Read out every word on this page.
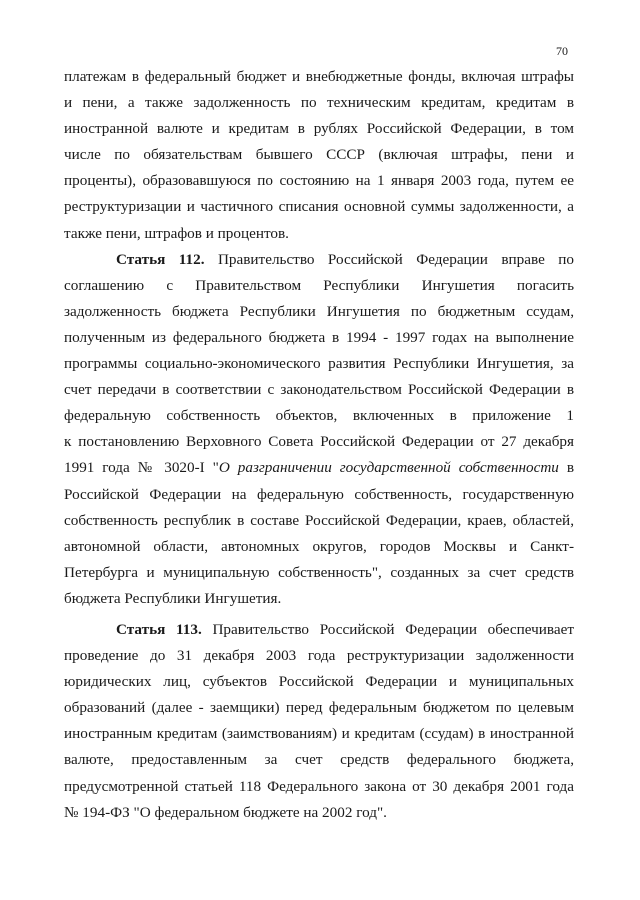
70
платежам в федеральный бюджет и внебюджетные фонды, включая штрафы
и пени, а также задолженность по техническим кредитам, кредитам в
иностранной валюте и кредитам в рублях Российской Федерации, в том
числе по обязательствам бывшего СССР (включая штрафы, пени и
проценты), образовавшуюся по состоянию на 1 января 2003 года, путем ее
реструктуризации и частичного списания основной суммы задолженности, а
также пени, штрафов и процентов.
Статья 112. Правительство Российской Федерации вправе по
соглашению с Правительством Республики Ингушетия погасить
задолженность бюджета Республики Ингушетия по бюджетным ссудам,
полученным из федерального бюджета в 1994 - 1997 годах на выполнение
программы социально-экономического развития Республики Ингушетия, за
счет передачи в соответствии с законодательством Российской Федерации в
федеральную собственность объектов, включенных в приложение 1
к постановлению Верховного Совета Российской Федерации от 27 декабря
1991 года № 3020-I "О разграничении государственной собственности в
Российской Федерации на федеральную собственность, государственную
собственность республик в составе Российской Федерации, краев, областей,
автономной области, автономных округов, городов Москвы и Санкт-
Петербурга и муниципальную собственность", созданных за счет средств
бюджета Республики Ингушетия.
Статья 113. Правительство Российской Федерации обеспечивает
проведение до 31 декабря 2003 года реструктуризации задолженности
юридических лиц, субъектов Российской Федерации и муниципальных
образований (далее - заемщики) перед федеральным бюджетом по целевым
иностранным кредитам (заимствованиям) и кредитам (ссудам) в иностранной
валюте, предоставленным за счет средств федерального бюджета,
предусмотренной статьей 118 Федерального закона от 30 декабря 2001 года
№ 194-ФЗ "О федеральном бюджете на 2002 год".
